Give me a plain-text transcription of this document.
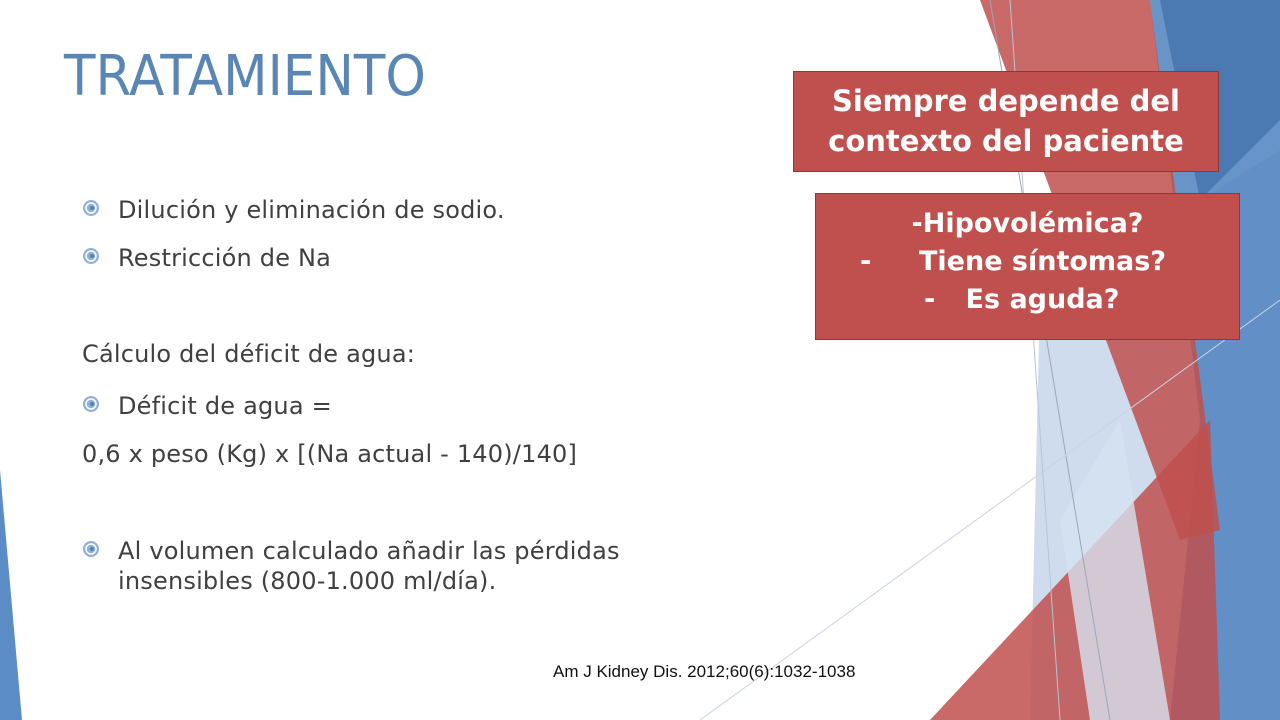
TRATAMIENTO
Dilución y eliminación de sodio.
Restricción de Na
Cálculo del déficit de agua:
Déficit de agua =
0,6 x peso (Kg) x [(Na actual - 140)/140]
Al volumen calculado añadir las pérdidas
insensibles (800-1.000 ml/día).
Siempre depende del
contexto del paciente
-Hipovolémica?
- Tiene síntomas?
- Es aguda?
Am J Kidney Dis. 2012;60(6):1032-1038
